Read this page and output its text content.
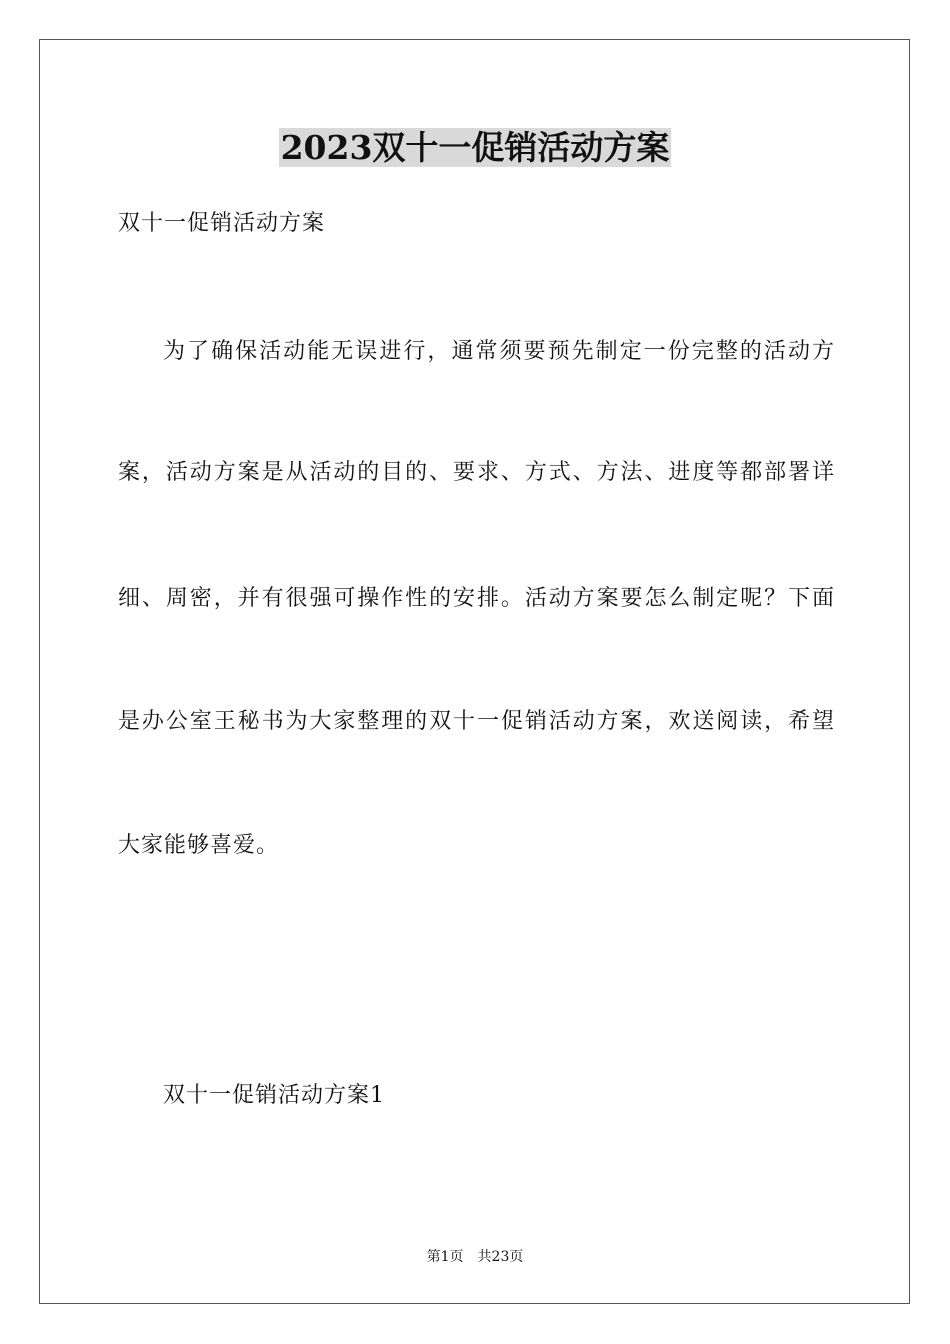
2023双十一促销活动方案
双十一促销活动方案
为了确保活动能无误进行，通常须要预先制定一份完整的活动方
案，活动方案是从活动的目的、要求、方式、方法、进度等都部署详
细、周密，并有很强可操作性的安排。活动方案要怎么制定呢？下面
是办公室王秘书为大家整理的双十一促销活动方案，欢送阅读，希望
大家能够喜爱。
双十一促销活动方案1
第1页　共23页
